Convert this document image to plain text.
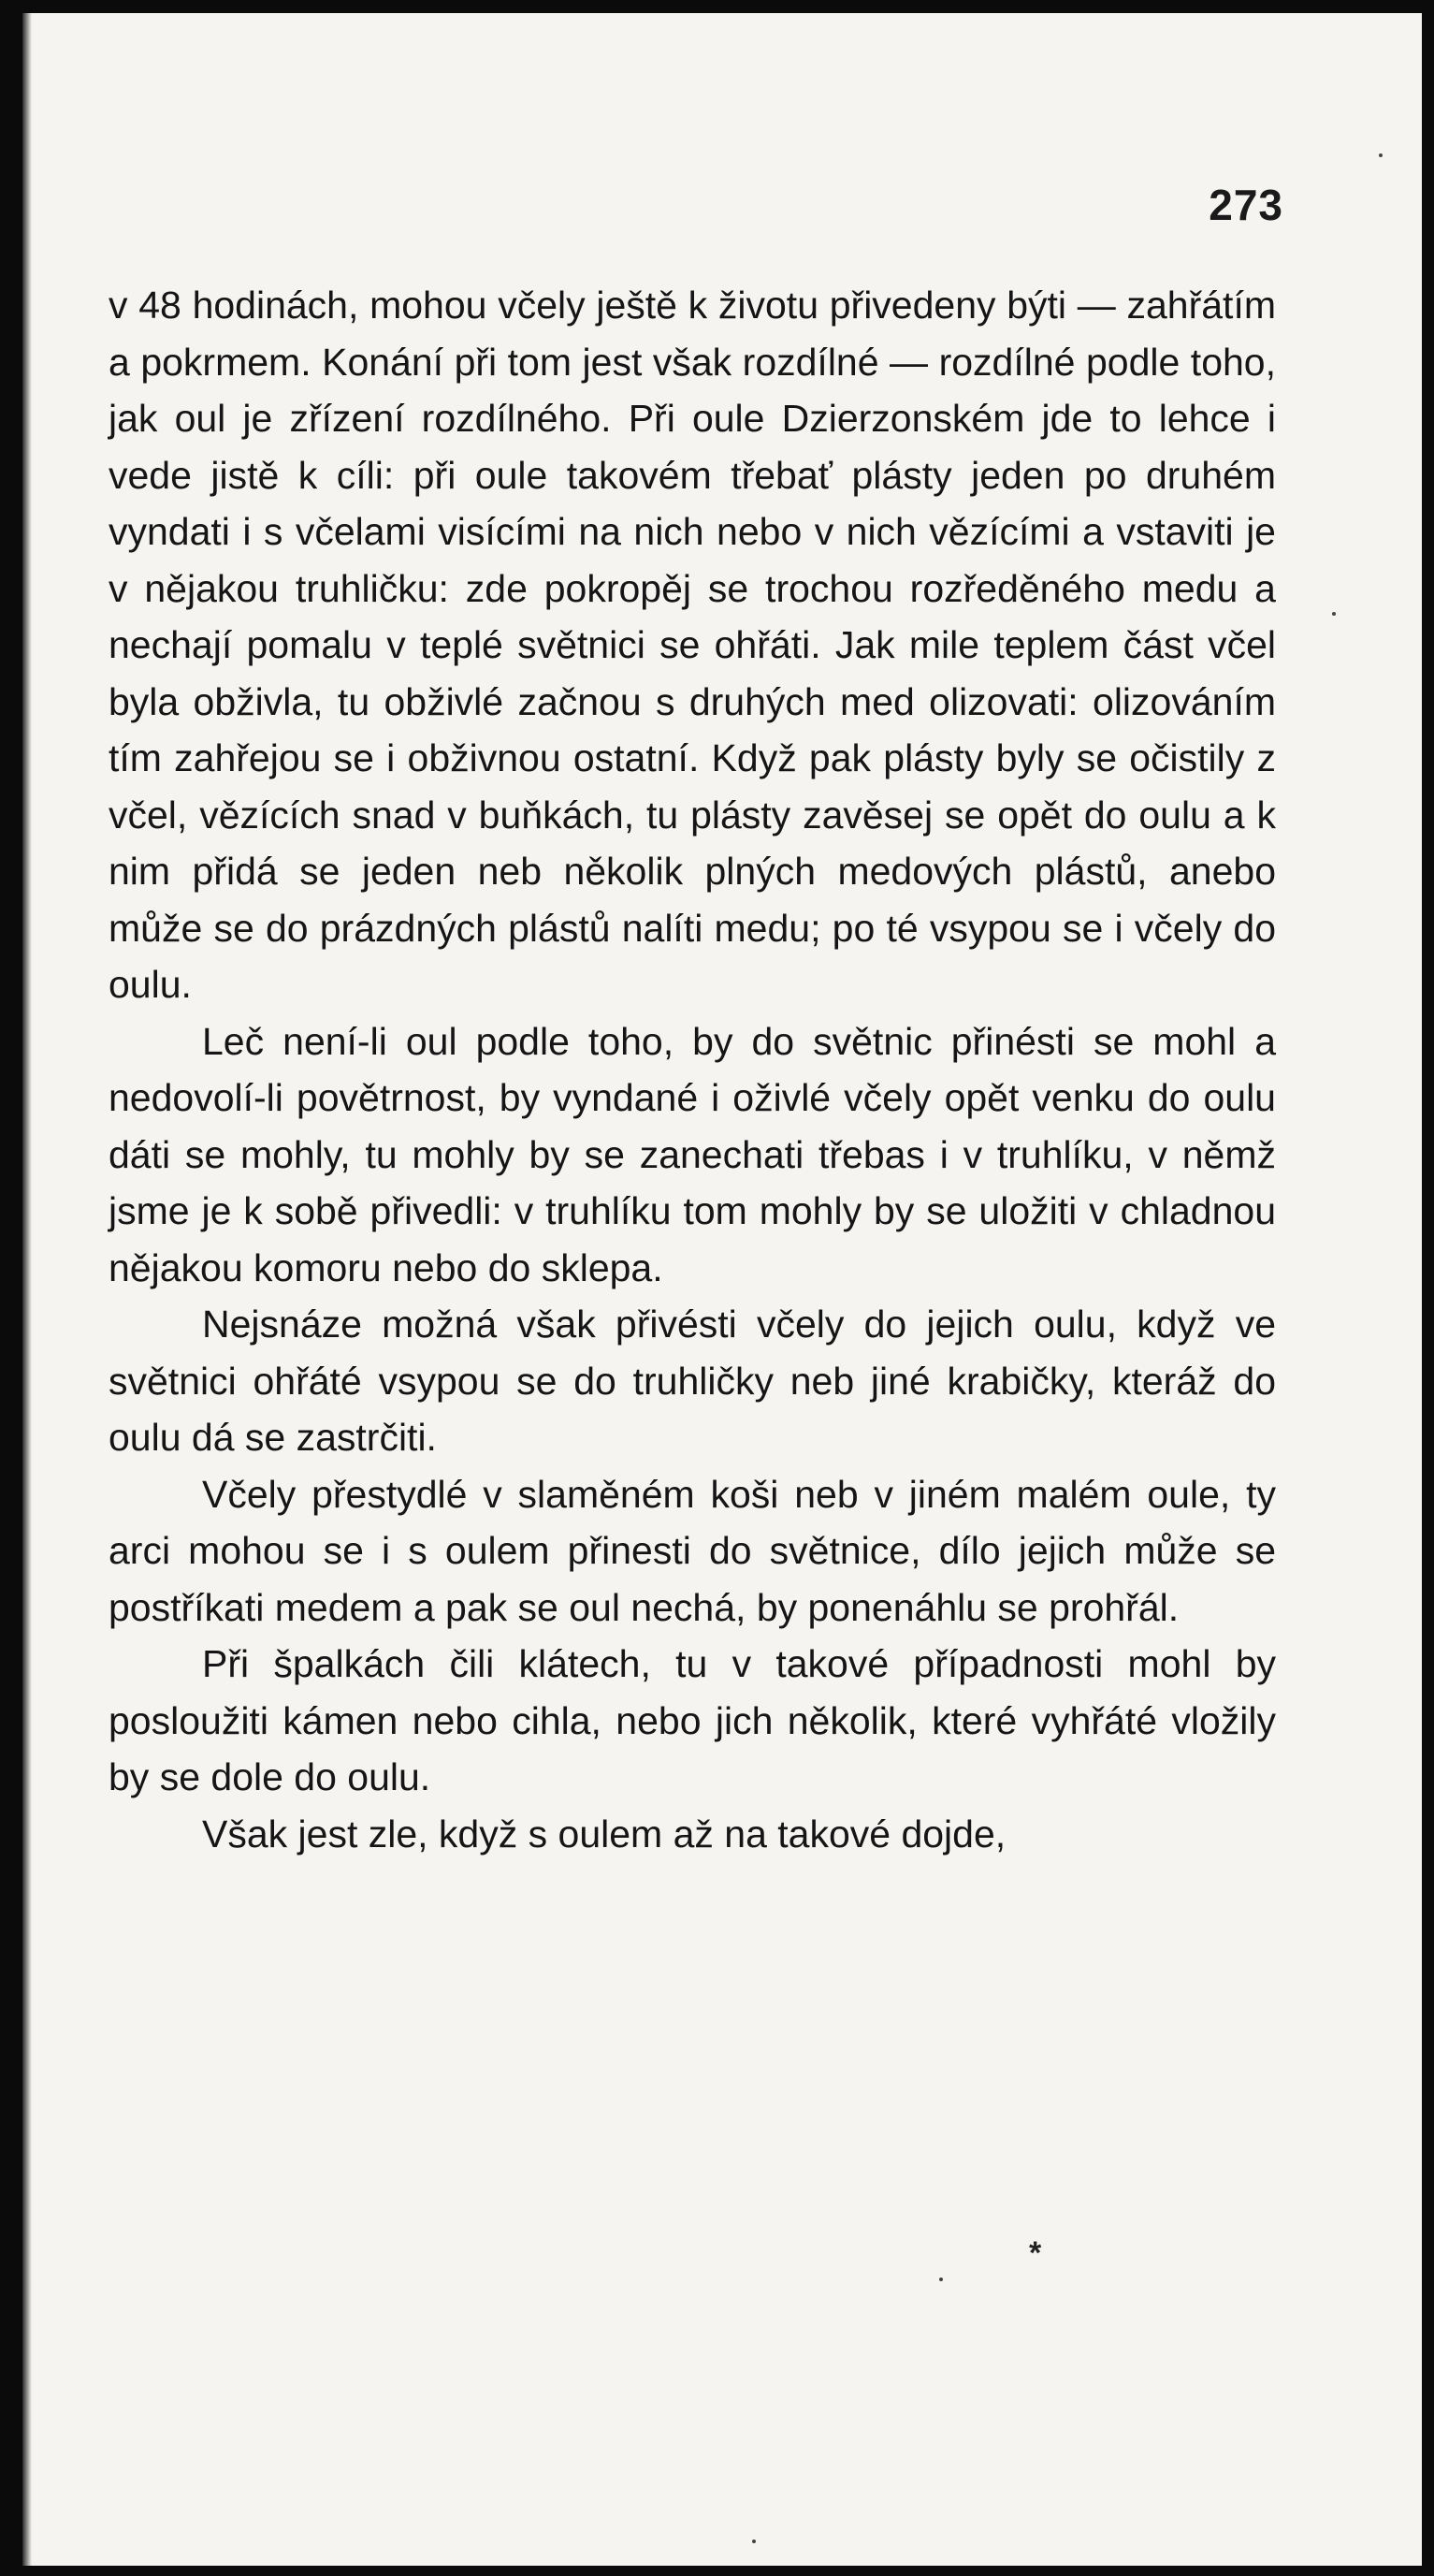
273

v 48 hodinách, mohou včely ještě k životu přivedeny býti — zahřátím a pokrmem. Konání při tom jest však rozdílné — rozdílné podle toho, jak oul je zřízení rozdílného. Při oule Dzierzonském jde to lehce i vede jistě k cíli: při oule takovém třebať plásty jeden po druhém vyndati i s včelami visícími na nich nebo v nich vězícími a vstaviti je v nějakou truhličku: zde pokropěj se trochou rozředěného medu a nechají pomalu v teplé světnici se ohřáti. Jak mile teplem část včel byla obživla, tu obživlé začnou s druhých med olizovati: olizováním tím zahřejou se i obživnou ostatní. Když pak plásty byly se očistily z včel, vězících snad v buňkách, tu plásty zavěsej se opět do oulu a k nim přidá se jeden neb několik plných medových plástů, anebo může se do prázdných plástů nalíti medu; po té vsypou se i včely do oulu.

Leč není-li oul podle toho, by do světnic přinésti se mohl a nedovolí-li povětrnost, by vyndané i oživlé včely opět venku do oulu dáti se mohly, tu mohly by se zanechati třebas i v truhlíku, v němž jsme je k sobě přivedli: v truhlíku tom mohly by se uložiti v chladnou nějakou komoru nebo do sklepa.

Nejsnáze možná však přivésti včely do jejich oulu, když ve světnici ohřáté vsypou se do truhličky neb jiné krabičky, kteráž do oulu dá se zastrčiti.

Včely přestydlé v slaměném koši neb v jiném malém oule, ty arci mohou se i s oulem přinesti do světnice, dílo jejich může se postříkati medem a pak se oul nechá, by ponenáhlu se prohřál.

Při špalkách čili klátech, tu v takové případnosti mohl by posloužiti kámen nebo cihla, nebo jich několik, které vyhřáté vložily by se dole do oulu.

Však jest zle, když s oulem až na takové dojde,

*
